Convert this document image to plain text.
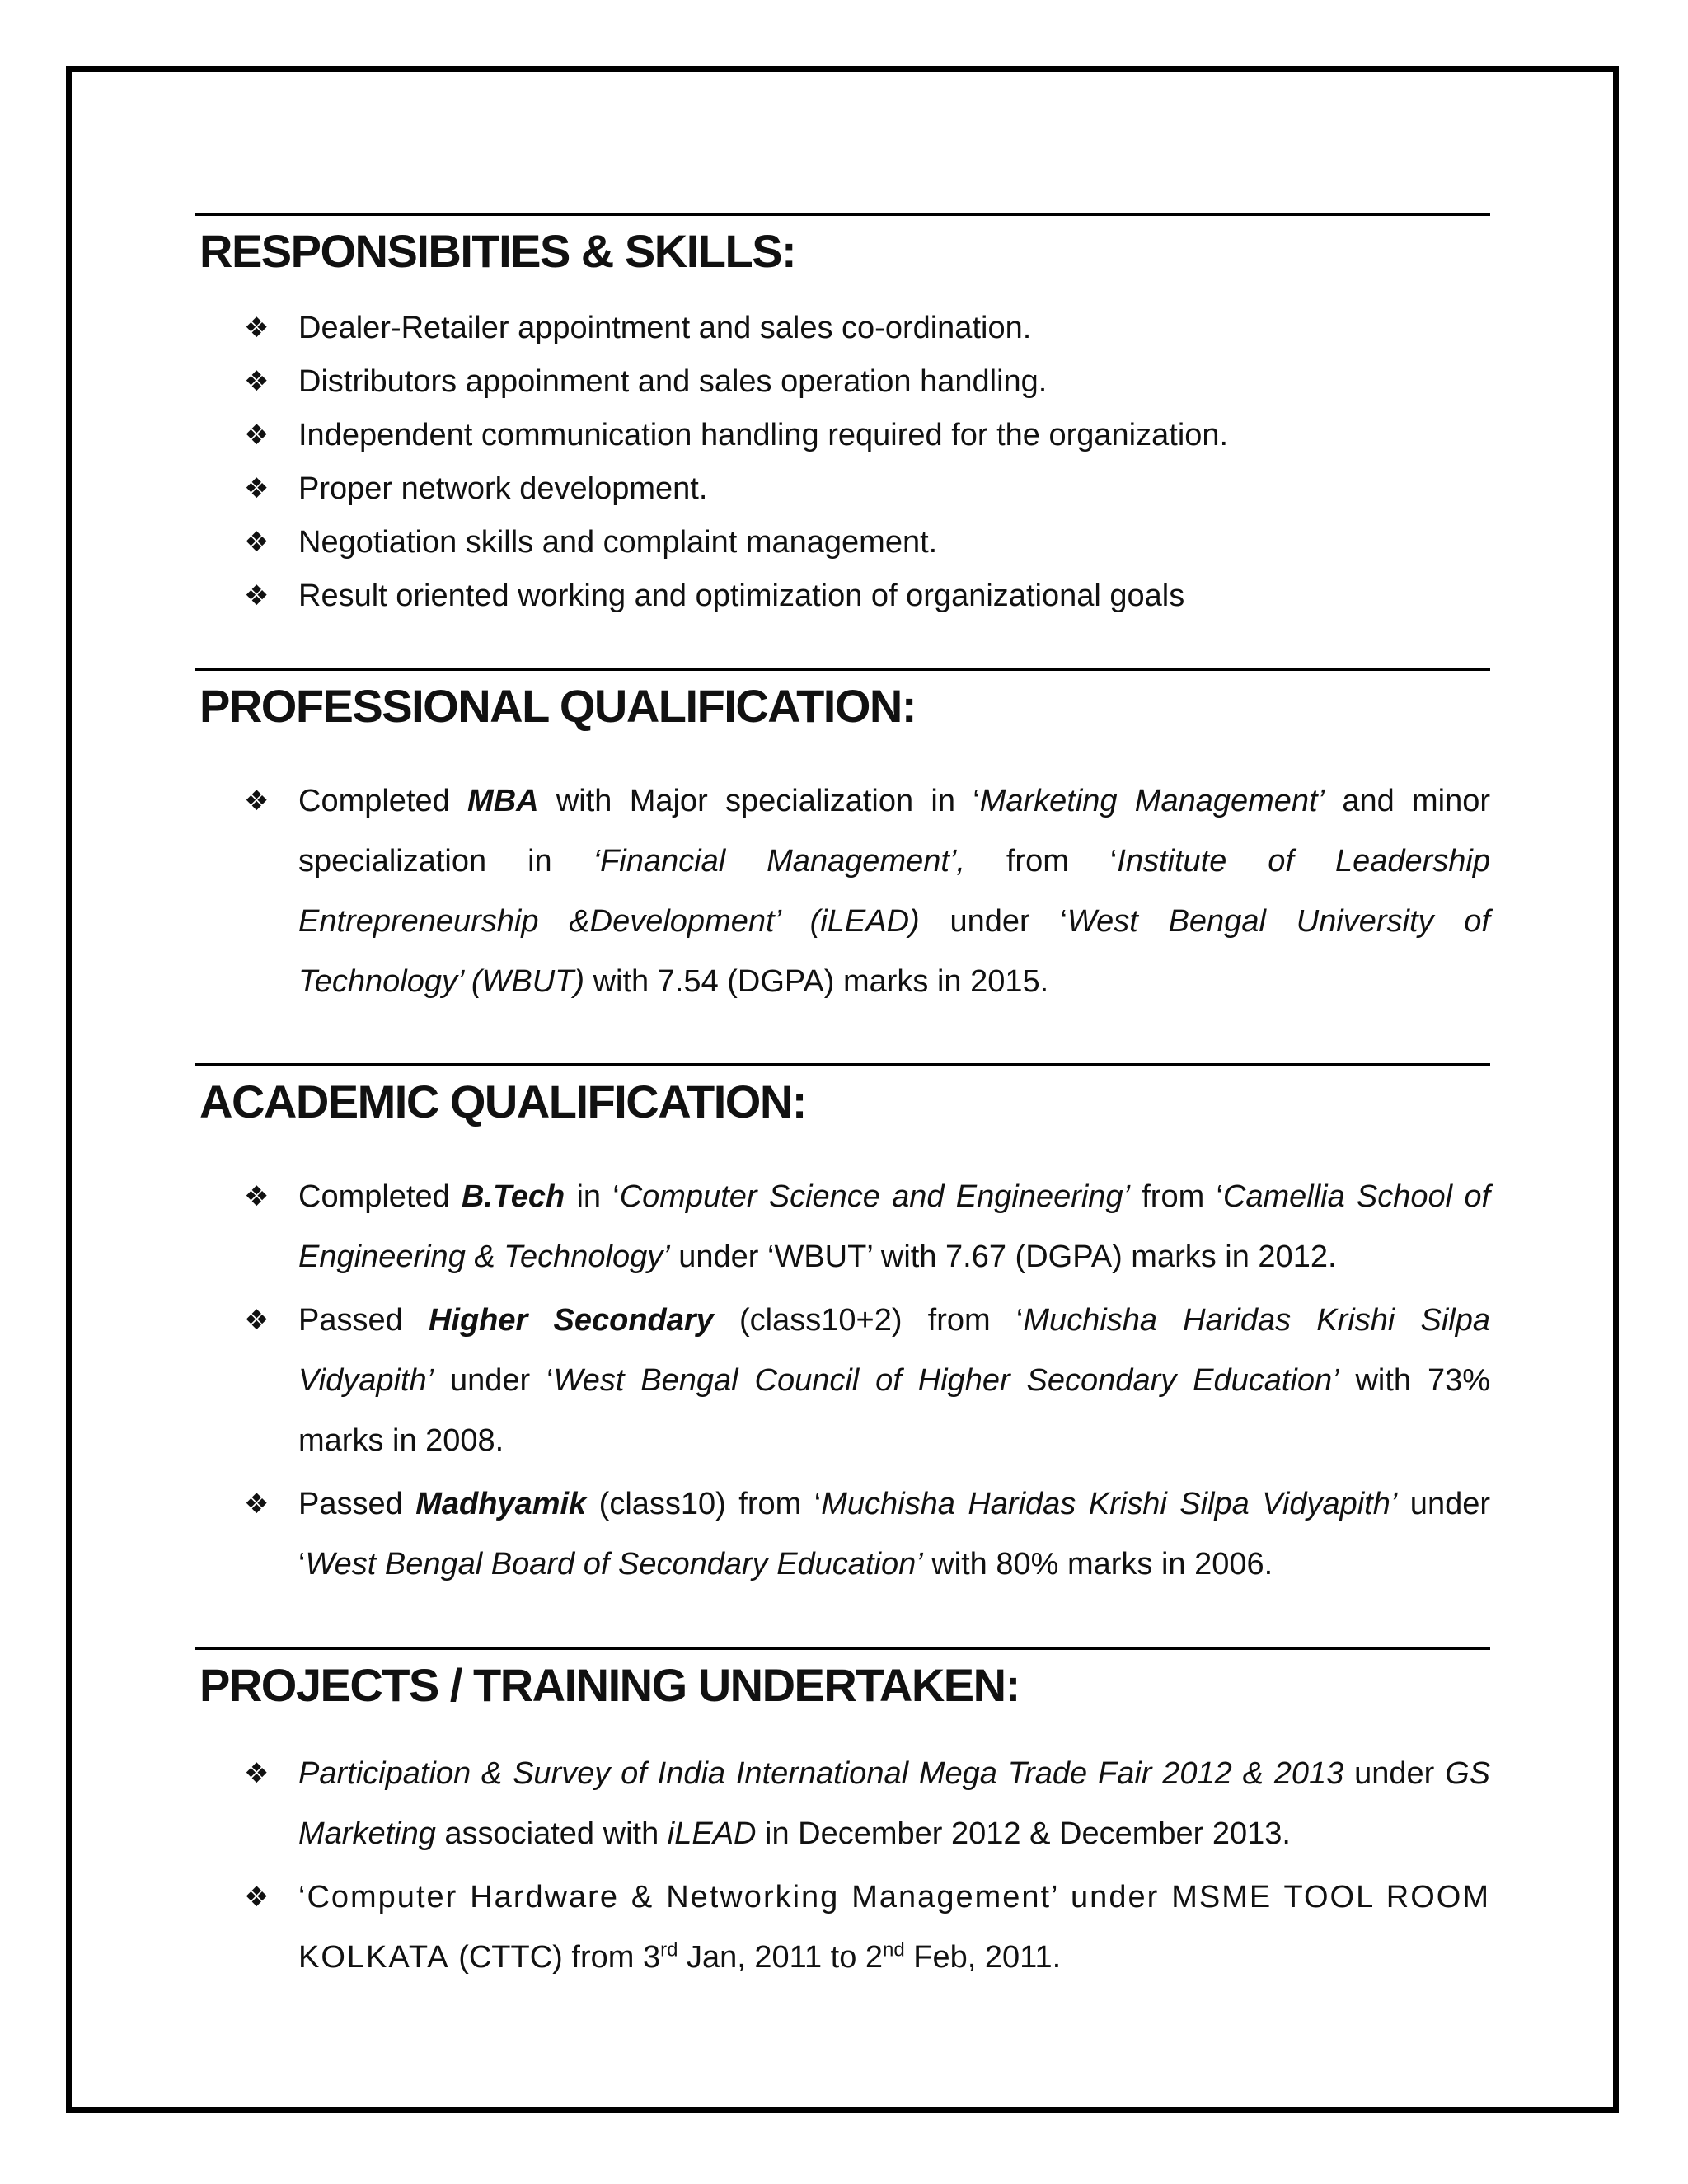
RESPONSIBITIES & SKILLS:
❖ Dealer-Retailer appointment and sales co-ordination.
❖ Distributors appoinment and sales operation handling.
❖ Independent communication handling required for the organization.
❖ Proper network development.
❖ Negotiation skills and complaint management.
❖ Result oriented working and optimization of organizational goals
PROFESSIONAL QUALIFICATION:
❖ Completed MBA with Major specialization in ‘Marketing Management’ and minor specialization in ‘Financial Management’, from ‘Institute of Leadership Entrepreneurship &Development’ (iLEAD) under ‘West Bengal University of Technology’ (WBUT) with 7.54 (DGPA) marks in 2015.
ACADEMIC QUALIFICATION:
❖ Completed B.Tech in ‘Computer Science and Engineering’ from ‘Camellia School of Engineering & Technology’ under ‘WBUT’ with 7.67 (DGPA) marks in 2012.
❖ Passed Higher Secondary (class10+2) from ‘Muchisha Haridas Krishi Silpa Vidyapith’ under ‘West Bengal Council of Higher Secondary Education’ with 73% marks in 2008.
❖ Passed Madhyamik (class10) from ‘Muchisha Haridas Krishi Silpa Vidyapith’ under ‘West Bengal Board of Secondary Education’ with 80% marks in 2006.
PROJECTS / TRAINING UNDERTAKEN:
❖ Participation & Survey of India International Mega Trade Fair 2012 & 2013 under GS Marketing associated with iLEAD in December 2012 & December 2013.
❖ ‘Computer Hardware & Networking Management’ under MSME TOOL ROOM KOLKATA (CTTC) from 3rd Jan, 2011 to 2nd Feb, 2011.
